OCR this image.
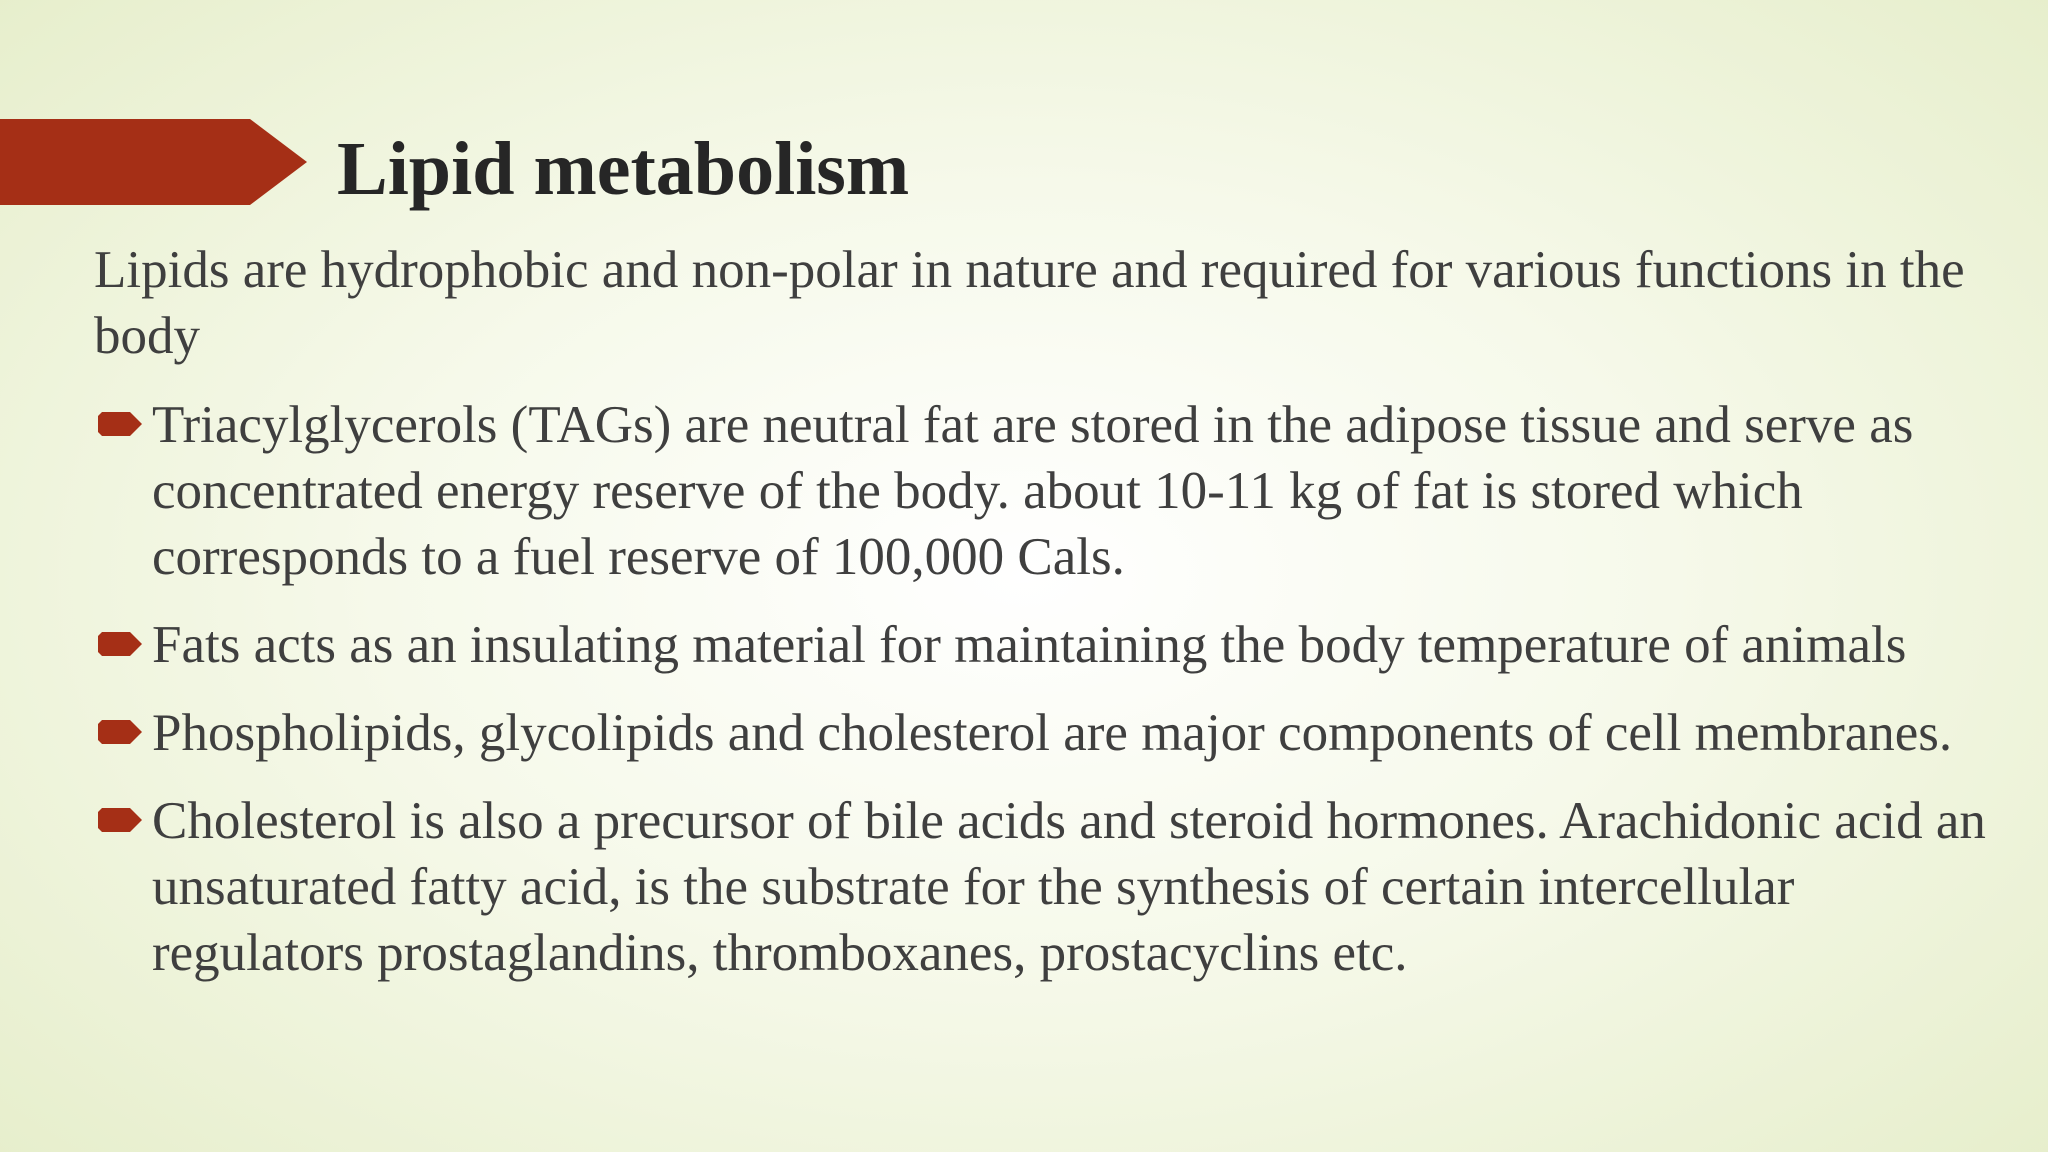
Lipid metabolism

Lipids are hydrophobic and non-polar in nature and required for various functions in the body

Triacylglycerols (TAGs) are neutral fat are stored in the adipose tissue and serve as concentrated energy reserve of the body. about 10-11 kg of fat is stored which corresponds to a fuel reserve of 100,000 Cals.
Fats acts as an insulating material for maintaining the body temperature of animals
Phospholipids, glycolipids and cholesterol are major components of cell membranes.
Cholesterol is also a precursor of bile acids and steroid hormones. Arachidonic acid an unsaturated fatty acid, is the substrate for the synthesis of certain intercellular regulators prostaglandins, thromboxanes, prostacyclins etc.
